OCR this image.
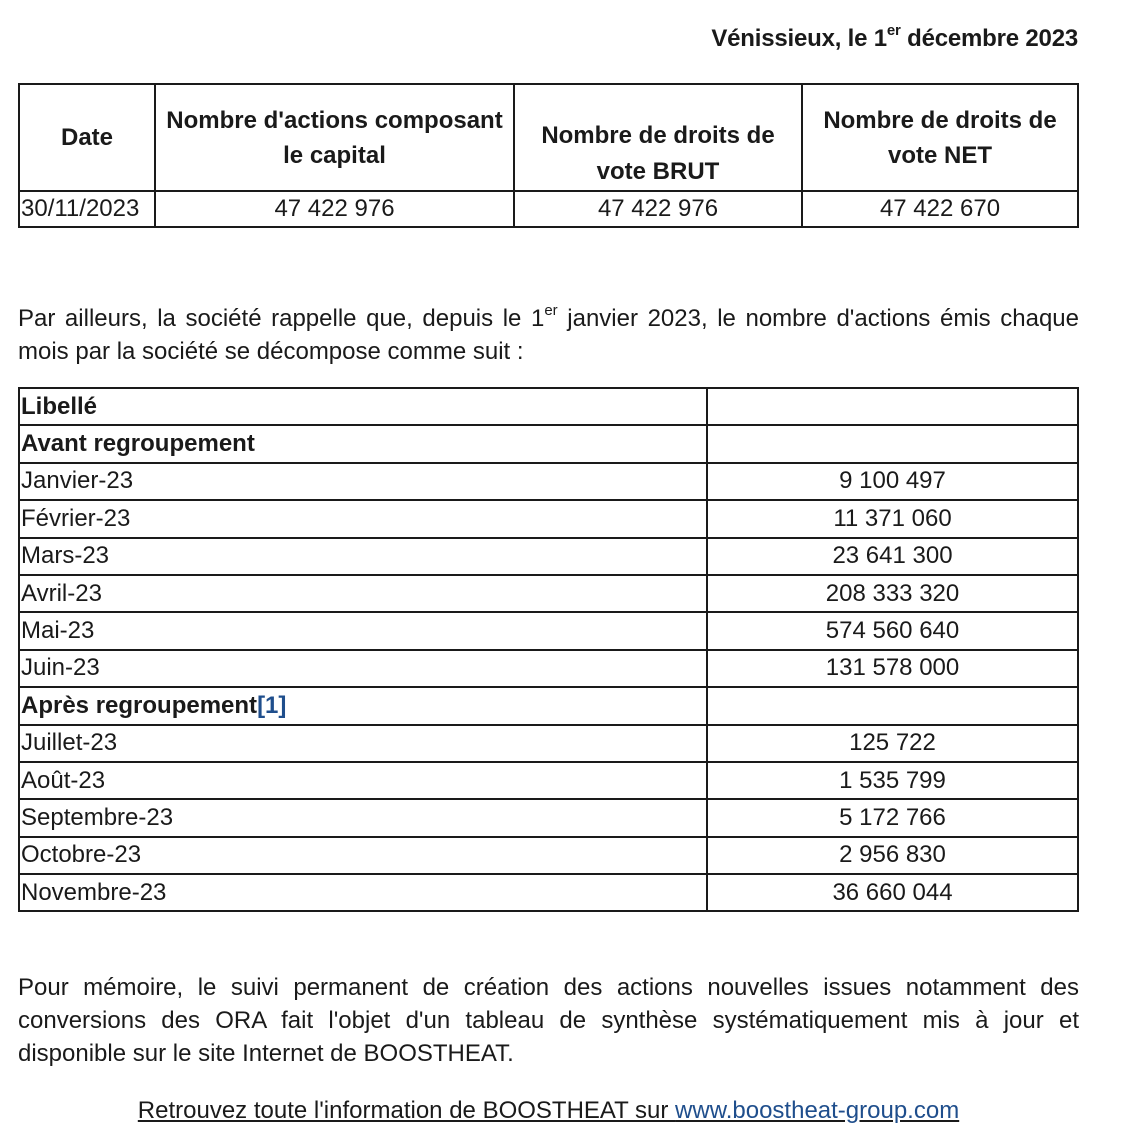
Vénissieux, le 1er décembre 2023
Date	Nombre d'actions composant le capital	Nombre de droits de vote BRUT	Nombre de droits de vote NET
30/11/2023	47 422 976	47 422 976	47 422 670
Par ailleurs, la société rappelle que, depuis le 1er janvier 2023, le nombre d'actions émis chaque mois par la société se décompose comme suit :
Libellé	
Avant regroupement	
Janvier-23	9 100 497
Février-23	11 371 060
Mars-23	23 641 300
Avril-23	208 333 320
Mai-23	574 560 640
Juin-23	131 578 000
Après regroupement[1]	
Juillet-23	125 722
Août-23	1 535 799
Septembre-23	5 172 766
Octobre-23	2 956 830
Novembre-23	36 660 044
Pour mémoire, le suivi permanent de création des actions nouvelles issues notamment des conversions des ORA fait l'objet d'un tableau de synthèse systématiquement mis à jour et disponible sur le site Internet de BOOSTHEAT.
Retrouvez toute l'information de BOOSTHEAT sur www.boostheat-group.com
